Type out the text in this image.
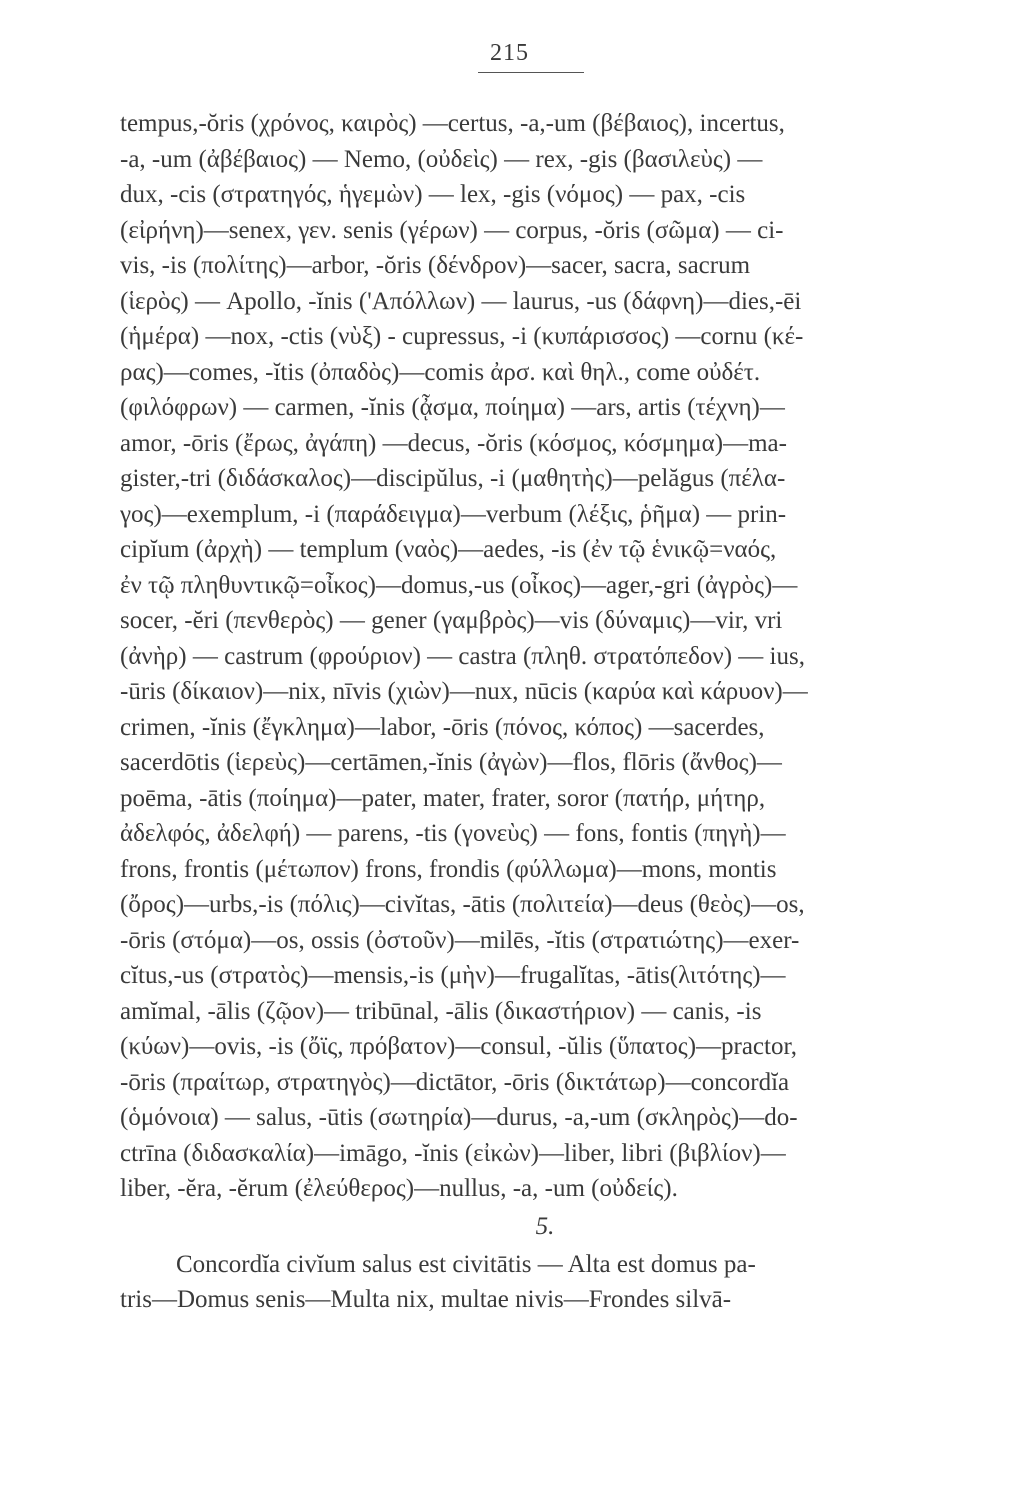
215
tempus,-ŏris (χρόνος, καιρὸς) —certus, -a,-um (βέβαιος), incertus,
-a, -um (ἀβέβαιος) — Nemo, (οὐδεὶς) — rex, -gis (βασιλεὺς) —
dux, -cis (στρατηγός, ἡγεμὼν) — lex, -gis (νόμος) — pax, -cis
(εἰρήνη)—senex, γεν. senis (γέρων) — corpus, -ŏris (σῶμα) — ci-
vis, -is (πολίτης)—arbor, -ŏris (δένδρον)—sacer, sacra, sacrum
(ἱερὸς) — Apollo, -ĭnis ('Απόλλων) — laurus, -us (δάφνη)—dies,-ēi
(ἡμέρα) —nox, -ctis (νὺξ) - cupressus, -i (κυπάρισσος) —cornu (κέ-
ρας)—comes, -ĭtis (ὀπαδὸς)—comis ἀρσ. καὶ θηλ., come οὐδέτ.
(φιλόφρων) — carmen, -ĭnis (ᾆσμα, ποίημα) —ars, artis (τέχνη)—
amor, -ōris (ἔρως, ἀγάπη) —decus, -ŏris (κόσμος, κόσμημα)—ma-
gister,-tri (διδάσκαλος)—discipŭlus, -i (μαθητὴς)—pelăgus (πέλα-
γος)—exemplum, -i (παράδειγμα)—verbum (λέξις, ῥῆμα) — prin-
cipĭum (ἀρχὴ) — templum (ναὸς)—aedes, -is (ἐν τῷ ἑνικῷ=ναός,
ἐν τῷ πληθυντικῷ=οἶκος)—domus,-us (οἶκος)—ager,-gri (ἀγρὸς)—
socer, -ĕri (πενθερὸς) — gener (γαμβρὸς)—vis (δύναμις)—vir, vri
(ἀνὴρ) — castrum (φρούριον) — castra (πληθ. στρατόπεδον) — ius,
-ūris (δίκαιον)—nix, nīvis (χιὼν)—nux, nūcis (καρύα καὶ κάρυον)—
crimen, -ĭnis (ἔγκλημα)—labor, -ōris (πόνος, κόπος) —sacerdes,
sacerdōtis (ἱερεὺς)—certāmen,-ĭnis (ἀγὼν)—flos, flōris (ἄνθος)—
poēma, -ātis (ποίημα)—pater, mater, frater, soror (πατήρ, μήτηρ,
ἀδελφός, ἀδελφή) — parens, -tis (γονεὺς) — fons, fontis (πηγὴ)—
frons, frontis (μέτωπον) frons, frondis (φύλλωμα)—mons, montis
(ὄρος)—urbs,-is (πόλις)—civĭtas, -ātis (πολιτεία)—deus (θεὸς)—os,
-ōris (στόμα)—os, ossis (ὀστοῦν)—milēs, -ĭtis (στρατιώτης)—exer-
cĭtus,-us (στρατὸς)—mensis,-is (μὴν)—frugalĭtas, -ātis(λιτότης)—
amĭmal, -ālis (ζῷον)— tribūnal, -ālis (δικαστήριον) — canis, -is
(κύων)—ovis, -is (ὄϊς, πρόβατον)—consul, -ŭlis (ὕπατος)—practor,
-ōris (πραίτωρ, στρατηγὸς)—dictātor, -ōris (δικτάτωρ)—concordĭa
(ὁμόνοια) — salus, -ūtis (σωτηρία)—durus, -a,-um (σκληρὸς)—do-
ctrīna (διδασκαλία)—imāgo, -ĭnis (εἰκὼν)—liber, libri (βιβλίον)—
liber, -ĕra, -ĕrum (ἐλεύθερος)—nullus, -a, -um (οὐδείς).
5.
Concordĭa civĭum salus est civitātis — Alta est domus pa-
tris—Domus senis—Multa nix, multae nivis—Frondes silvā-
